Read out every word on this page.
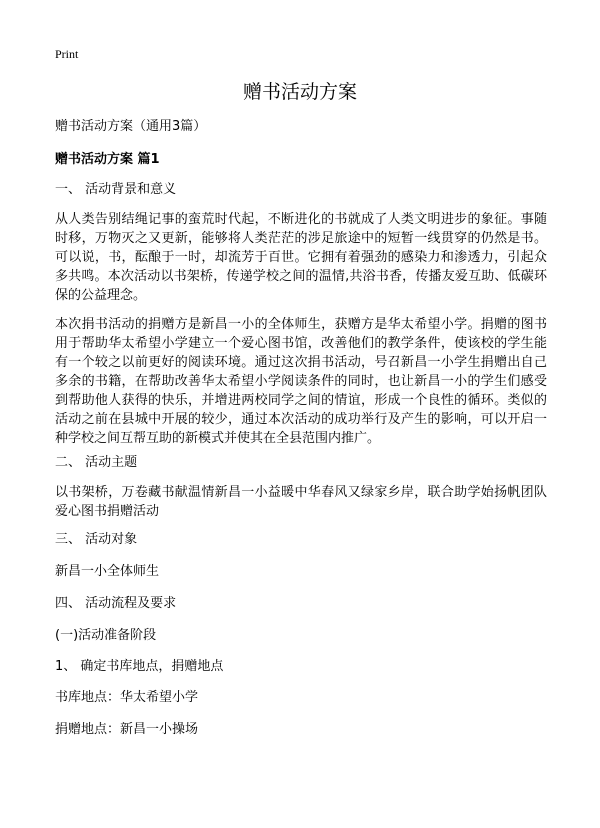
Print
赠书活动方案
赠书活动方案（通用3篇）
赠书活动方案 篇1
一、 活动背景和意义
从人类告别结绳记事的蛮荒时代起，不断进化的书就成了人类文明进步的象征。事随时移，万物灭之又更新，能够将人类茫茫的涉足旅途中的短暂一线贯穿的仍然是书。可以说，书，酝酿于一时，却流芳于百世。它拥有着强劲的感染力和渗透力，引起众多共鸣。本次活动以书架桥，传递学校之间的温情,共浴书香，传播友爱互助、低碳环保的公益理念。
本次捐书活动的捐赠方是新昌一小的全体师生，获赠方是华太希望小学。捐赠的图书用于帮助华太希望小学建立一个爱心图书馆，改善他们的教学条件，使该校的学生能有一个较之以前更好的阅读环境。通过这次捐书活动，号召新昌一小学生捐赠出自己多余的书籍，在帮助改善华太希望小学阅读条件的同时，也让新昌一小的学生们感受到帮助他人获得的快乐，并增进两校同学之间的情谊，形成一个良性的循环。类似的活动之前在县城中开展的较少，通过本次活动的成功举行及产生的影响，可以开启一种学校之间互帮互助的新模式并使其在全县范围内推广。
二、 活动主题
以书架桥，万卷藏书献温情新昌一小益暖中华春风又绿家乡岸，联合助学始扬帆团队爱心图书捐赠活动
三、 活动对象
新昌一小全体师生
四、 活动流程及要求
(一)活动准备阶段
1、 确定书库地点，捐赠地点
书库地点：华太希望小学
捐赠地点：新昌一小操场
